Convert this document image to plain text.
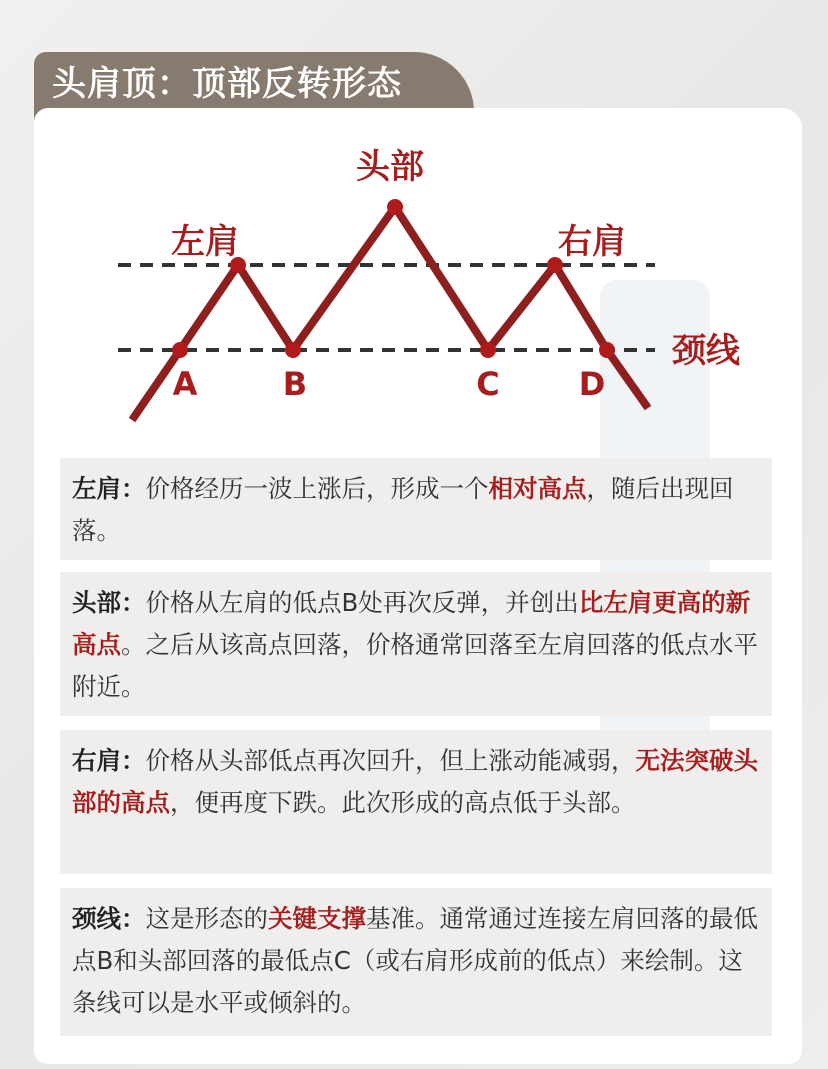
头肩顶：顶部反转形态
头部
左肩	右肩
颈线
A	B	C D
左肩：价格经历一波上涨后，形成一个相对高点，随后出现回落。
头部：价格从左肩的低点B处再次反弹，并创出比左肩更高的新高点。之后从该高点回落，价格通常回落至左肩回落的低点水平附近。
右肩：价格从头部低点再次回升，但上涨动能减弱，无法突破头部的高点，便再度下跌。此次形成的高点低于头部。
颈线：这是形态的关键支撑基准。通常通过连接左肩回落的最低点B和头部回落的最低点C（或右肩形成前的低点）来绘制。这条线可以是水平或倾斜的。
